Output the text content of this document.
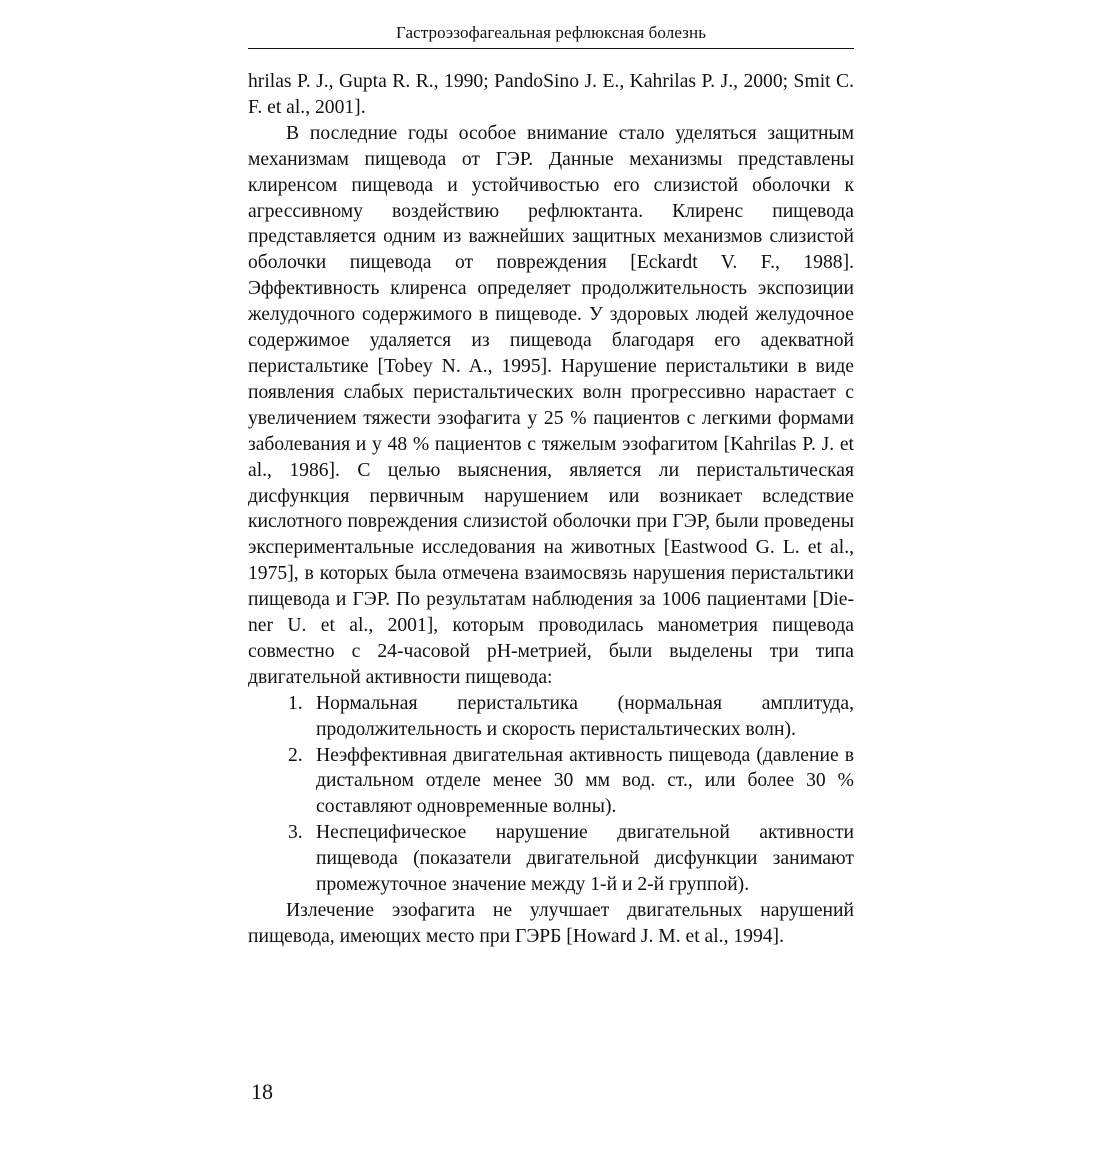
Гастроэзофагеальная рефлюксная болезнь

hrilas P. J., Gupta R. R., 1990; PandoSino J. E., Kahrilas P. J., 2000; Smit C. F. et al., 2001].

В последние годы особое внимание стало уделяться защитным механизмам пищевода от ГЭР. Данные механизмы представлены клиренсом пищевода и устойчивостью его слизистой оболочки к агрессивному воздействию рефлюктанта. Клиренс пищевода представляется одним из важнейших защитных механизмов слизистой оболочки пищевода от повреждения [Eckardt V. F., 1988]. Эффективность клиренса определяет продолжительность экспозиции желудочного содержимого в пищеводе. У здоровых людей желудочное содержимое удаляется из пищевода благодаря его адекватной перистальтике [Tobey N. A., 1995]. Нарушение перистальтики в виде появления слабых перистальтических волн прогрессивно нарастает с увеличением тяжести эзофагита у 25 % пациентов с легкими формами заболевания и у 48 % пациентов с тяжелым эзофагитом [Kahrilas P. J. et al., 1986]. С целью выяснения, является ли перистальтическая дисфункция первичным нарушением или возникает вследствие кислотного повреждения слизистой оболочки при ГЭР, были проведены экспериментальные исследования на животных [Eastwood G. L. et al., 1975], в которых была отмечена взаимосвязь нарушения перистальтики пищевода и ГЭР. По результатам наблюдения за 1006 пациентами [Diener U. et al., 2001], которым проводилась манометрия пищевода совместно с 24-часовой pH-метрией, были выделены три типа двигательной активности пищевода:

1. Нормальная перистальтика (нормальная амплитуда, продолжительность и скорость перистальтических волн).
2. Неэффективная двигательная активность пищевода (давление в дистальном отделе менее 30 мм вод. ст., или более 30 % составляют одновременные волны).
3. Неспецифическое нарушение двигательной активности пищевода (показатели двигательной дисфункции занимают промежуточное значение между 1-й и 2-й группой).

Излечение эзофагита не улучшает двигательных нарушений пищевода, имеющих место при ГЭРБ [Howard J. M. et al., 1994].

18
